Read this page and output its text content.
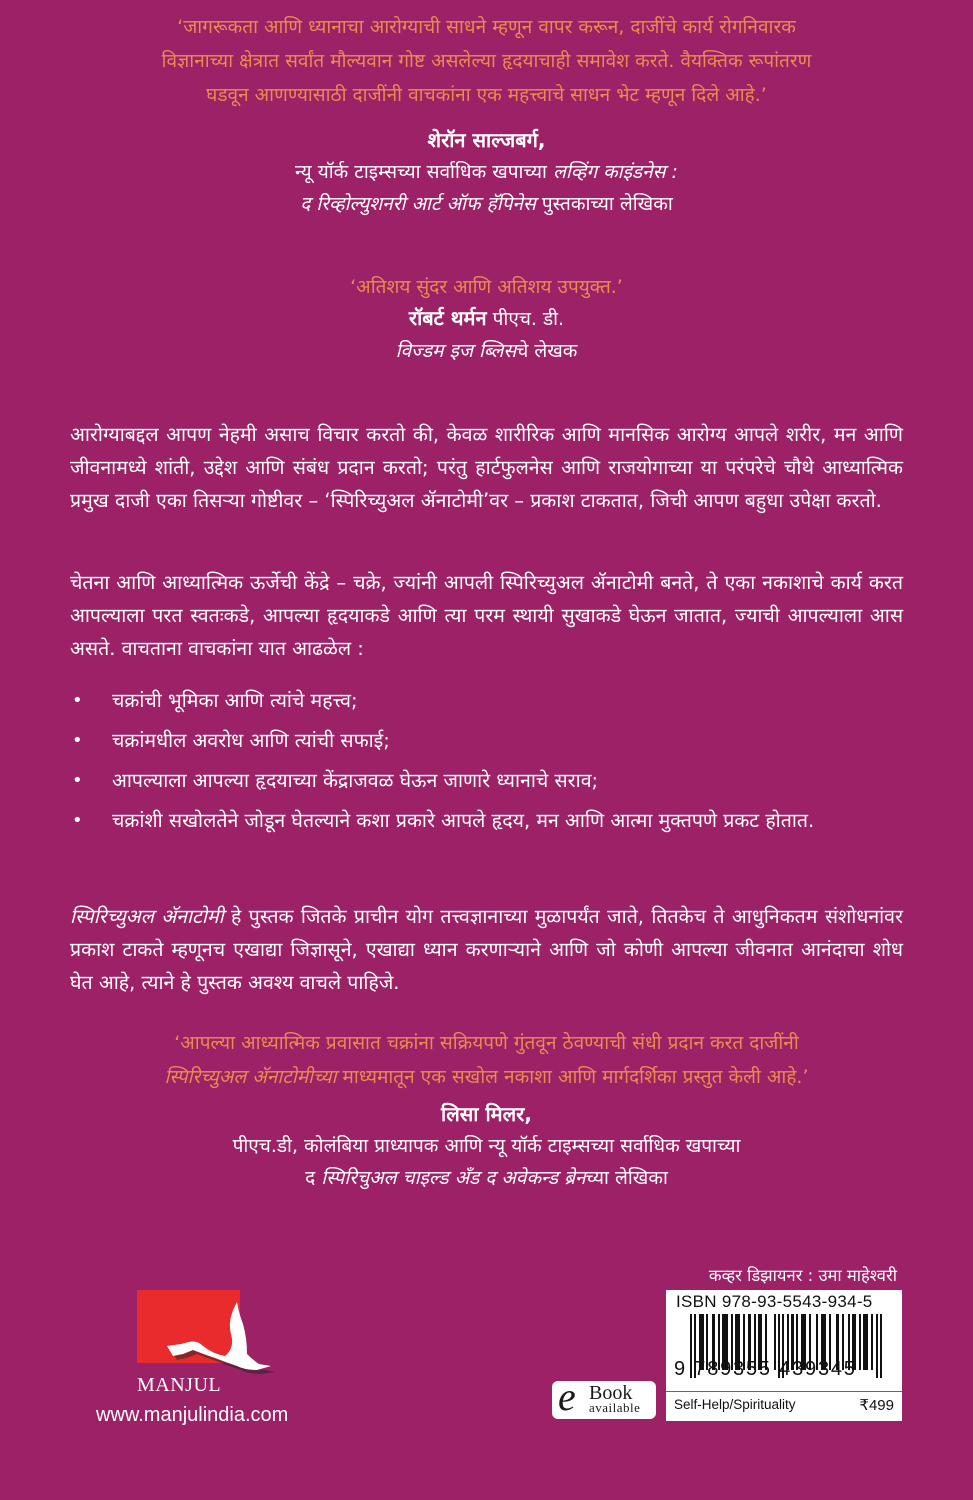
‘जागरूकता आणि ध्यानाचा आरोग्याची साधने म्हणून वापर करून, दाजींचे कार्य रोगनिवारक
विज्ञानाच्या क्षेत्रात सर्वांत मौल्यवान गोष्ट असलेल्या हृदयाचाही समावेश करते. वैयक्तिक रूपांतरण
घडवून आणण्यासाठी दाजींनी वाचकांना एक महत्त्वाचे साधन भेट म्हणून दिले आहे.’
शेरॉन साल्जबर्ग,
न्यू यॉर्क टाइम्सच्या सर्वाधिक खपाच्या लव्हिंग काइंडनेस :
द रिव्होल्युशनरी आर्ट ऑफ हॅपिनेस पुस्तकाच्या लेखिका
‘अतिशय सुंदर आणि अतिशय उपयुक्त.’
रॉबर्ट थर्मन पीएच. डी.
विज्डम इज ब्लिसचे लेखक
आरोग्याबद्दल आपण नेहमी असाच विचार करतो की, केवळ शारीरिक आणि मानसिक आरोग्य आपले शरीर, मन आणि जीवनामध्ये शांती, उद्देश आणि संबंध प्रदान करतो; परंतु हार्टफुलनेस आणि राजयोगाच्या या परंपरेचे चौथे आध्यात्मिक प्रमुख दाजी एका तिसऱ्या गोष्टीवर – ‘स्पिरिच्युअल ॲनाटोमी’वर – प्रकाश टाकतात, जिची आपण बहुधा उपेक्षा करतो.
चेतना आणि आध्यात्मिक ऊर्जेची केंद्रे – चक्रे, ज्यांनी आपली स्पिरिच्युअल ॲनाटोमी बनते, ते एका नकाशाचे कार्य करत आपल्याला परत स्वतःकडे, आपल्या हृदयाकडे आणि त्या परम स्थायी सुखाकडे घेऊन जातात, ज्याची आपल्याला आस असते. वाचताना वाचकांना यात आढळेल :
• चक्रांची भूमिका आणि त्यांचे महत्त्व;
• चक्रांमधील अवरोध आणि त्यांची सफाई;
• आपल्याला आपल्या हृदयाच्या केंद्राजवळ घेऊन जाणारे ध्यानाचे सराव;
• चक्रांशी सखोलतेने जोडून घेतल्याने कशा प्रकारे आपले हृदय, मन आणि आत्मा मुक्तपणे प्रकट होतात.
स्पिरिच्युअल ॲनाटोमी हे पुस्तक जितके प्राचीन योग तत्त्वज्ञानाच्या मुळापर्यंत जाते, तितकेच ते आधुनिकतम संशोधनांवर प्रकाश टाकते म्हणूनच एखाद्या जिज्ञासूने, एखाद्या ध्यान करणाऱ्याने आणि जो कोणी आपल्या जीवनात आनंदाचा शोध घेत आहे, त्याने हे पुस्तक अवश्य वाचले पाहिजे.
‘आपल्या आध्यात्मिक प्रवासात चक्रांना सक्रियपणे गुंतवून ठेवण्याची संधी प्रदान करत दाजींनी
स्पिरिच्युअल ॲनाटोमीच्या माध्यमातून एक सखोल नकाशा आणि मार्गदर्शिका प्रस्तुत केली आहे.’
लिसा मिलर,
पीएच.डी, कोलंबिया प्राध्यापक आणि न्यू यॉर्क टाइम्सच्या सर्वाधिक खपाच्या
द स्पिरिचुअल चाइल्ड अँड द अवेकन्ड ब्रेनच्या लेखिका
MANJUL
www.manjulindia.com
कव्हर डिझायनर : उमा माहेश्वरी
e Book
available
ISBN 978-93-5543-934-5
9 789355 439345
Self-Help/Spirituality	₹499
